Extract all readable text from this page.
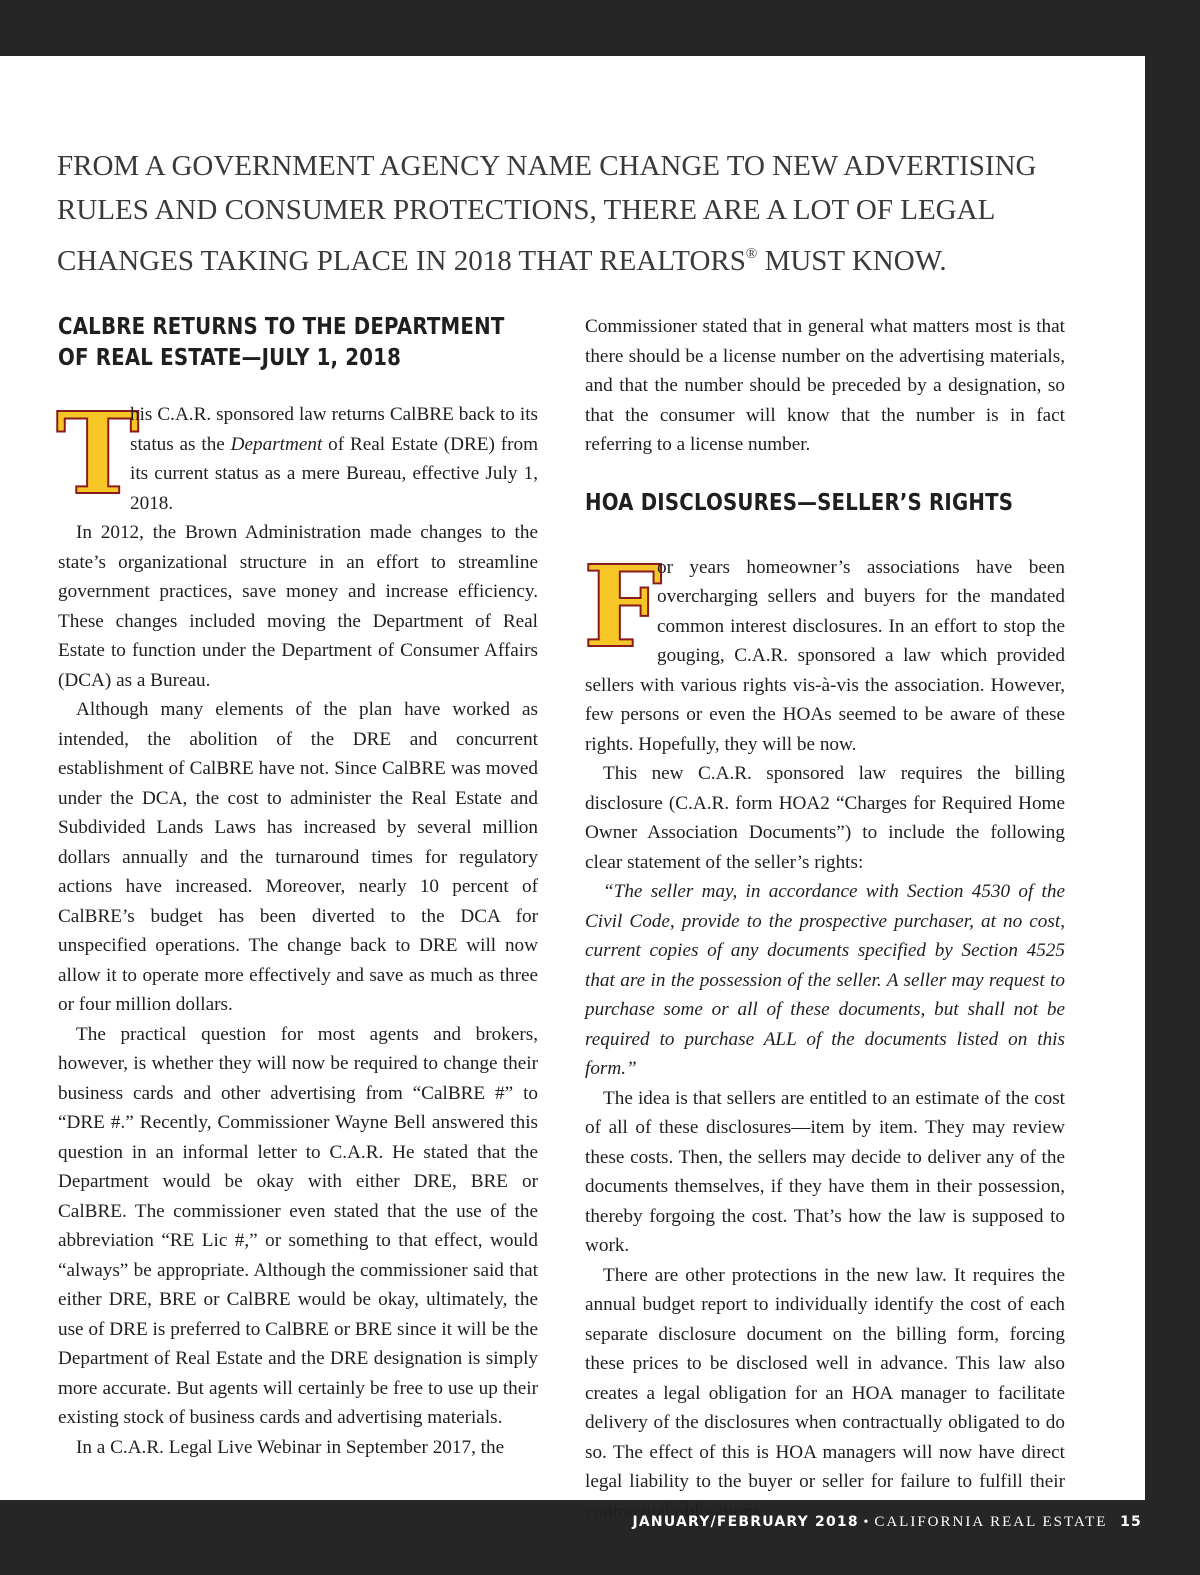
FROM A GOVERNMENT AGENCY NAME CHANGE TO NEW ADVERTISING RULES AND CONSUMER PROTECTIONS, THERE ARE A LOT OF LEGAL CHANGES TAKING PLACE IN 2018 THAT REALTORS® MUST KNOW.
CALBRE RETURNS TO THE DEPARTMENT
OF REAL ESTATE—JULY 1, 2018

T
his C.A.R. sponsored law returns CalBRE back to its status as the Department of Real Estate (DRE) from its current status as a mere Bureau, effective July 1, 2018.

In 2012, the Brown Administration made changes to the state’s organizational structure in an effort to streamline government practices, save money and increase efficiency. These changes included moving the Department of Real Estate to function under the Department of Consumer Affairs (DCA) as a Bureau.

Although many elements of the plan have worked as intended, the abolition of the DRE and concurrent establishment of CalBRE have not. Since CalBRE was moved under the DCA, the cost to administer the Real Estate and Subdivided Lands Laws has increased by several million dollars annually and the turnaround times for regulatory actions have increased. Moreover, nearly 10 percent of CalBRE’s budget has been diverted to the DCA for unspecified operations. The change back to DRE will now allow it to operate more effectively and save as much as three or four million dollars.

The practical question for most agents and brokers, however, is whether they will now be required to change their business cards and other advertising from “CalBRE #” to “DRE #.” Recently, Commissioner Wayne Bell answered this question in an informal letter to C.A.R. He stated that the Department would be okay with either DRE, BRE or CalBRE. The commissioner even stated that the use of the abbreviation “RE Lic #,” or something to that effect, would “always” be appropriate. Although the commissioner said that either DRE, BRE or CalBRE would be okay, ultimately, the use of DRE is preferred to CalBRE or BRE since it will be the Department of Real Estate and the DRE designation is simply more accurate. But agents will certainly be free to use up their existing stock of business cards and advertising materials.

In a C.A.R. Legal Live Webinar in September 2017, the

Commissioner stated that in general what matters most is that there should be a license number on the advertising materials, and that the number should be preceded by a designation, so that the consumer will know that the number is in fact referring to a license number.

HOA DISCLOSURES—SELLER’S RIGHTS

F
or years homeowner’s associations have been overcharging sellers and buyers for the mandated common interest disclosures. In an effort to stop the gouging, C.A.R. sponsored a law which provided sellers with various rights vis-à-vis the association. However, few persons or even the HOAs seemed to be aware of these rights. Hopefully, they will be now.

This new C.A.R. sponsored law requires the billing disclosure (C.A.R. form HOA2 “Charges for Required Home Owner Association Documents”) to include the following clear statement of the seller’s rights:

“The seller may, in accordance with Section 4530 of the Civil Code, provide to the prospective purchaser, at no cost, current copies of any documents specified by Section 4525 that are in the possession of the seller. A seller may request to purchase some or all of these documents, but shall not be required to purchase ALL of the documents listed on this form.”

The idea is that sellers are entitled to an estimate of the cost of all of these disclosures—item by item. They may review these costs. Then, the sellers may decide to deliver any of the documents themselves, if they have them in their possession, thereby forgoing the cost. That’s how the law is supposed to work.

There are other protections in the new law. It requires the annual budget report to individually identify the cost of each separate disclosure document on the billing form, forcing these prices to be disclosed well in advance. This law also creates a legal obligation for an HOA manager to facilitate delivery of the disclosures when contractually obligated to do so. The effect of this is HOA managers will now have direct legal liability to the buyer or seller for failure to fulfill their contractual obligations.

JANUARY/FEBRUARY 2018 • CALIFORNIA REAL ESTATE 15
